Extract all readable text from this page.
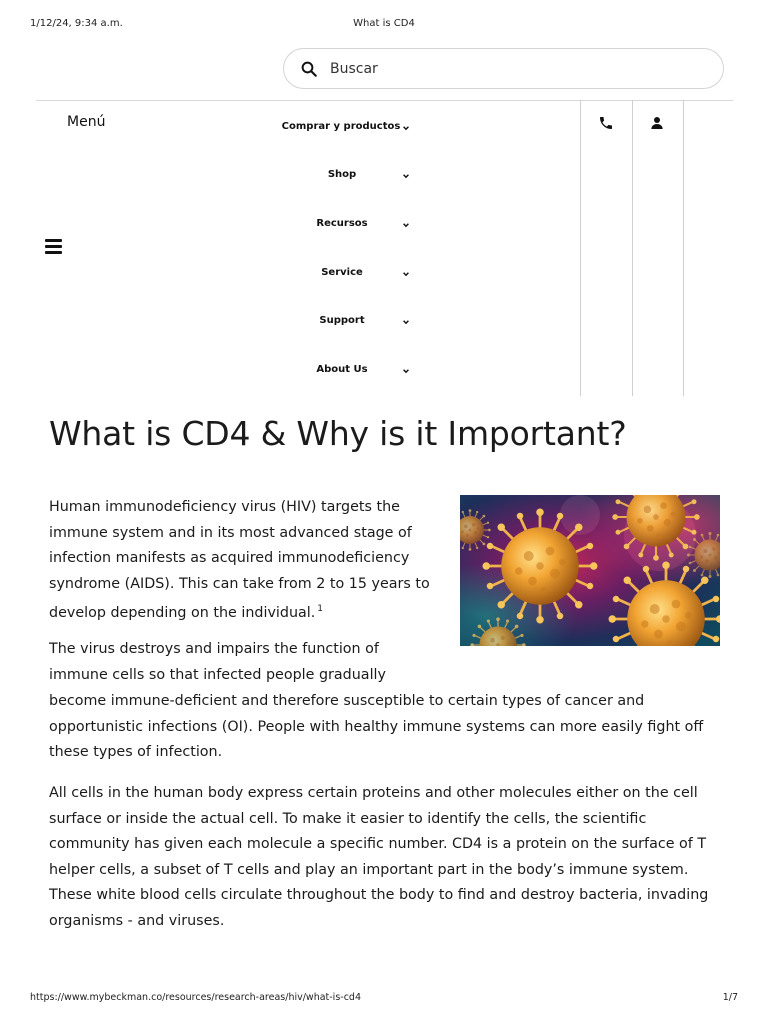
1/12/24, 9:34 a.m.	What is CD4
Buscar
Menú	Comprar y productos
Shop
Recursos
Service
Support
About Us
What is CD4 & Why is it Important?

Human immunodeficiency virus (HIV) targets the immune system and in its most advanced stage of infection manifests as acquired immunodeficiency syndrome (AIDS). This can take from 2 to 15 years to develop depending on the individual. $^1$

The virus destroys and impairs the function of immune cells so that infected people gradually

become immune-deficient and therefore susceptible to certain types of cancer and opportunistic infections (OI). People with healthy immune systems can more easily fight off these types of infection.

All cells in the human body express certain proteins and other molecules either on the cell surface or inside the actual cell. To make it easier to identify the cells, the scientific community has given each molecule a specific number. CD4 is a protein on the surface of T helper cells, a subset of T cells and play an important part in the body’s immune system. These white blood cells circulate throughout the body to find and destroy bacteria, invading organisms - and viruses.

https://www.mybeckman.co/resources/research-areas/hiv/what-is-cd4	1/7
